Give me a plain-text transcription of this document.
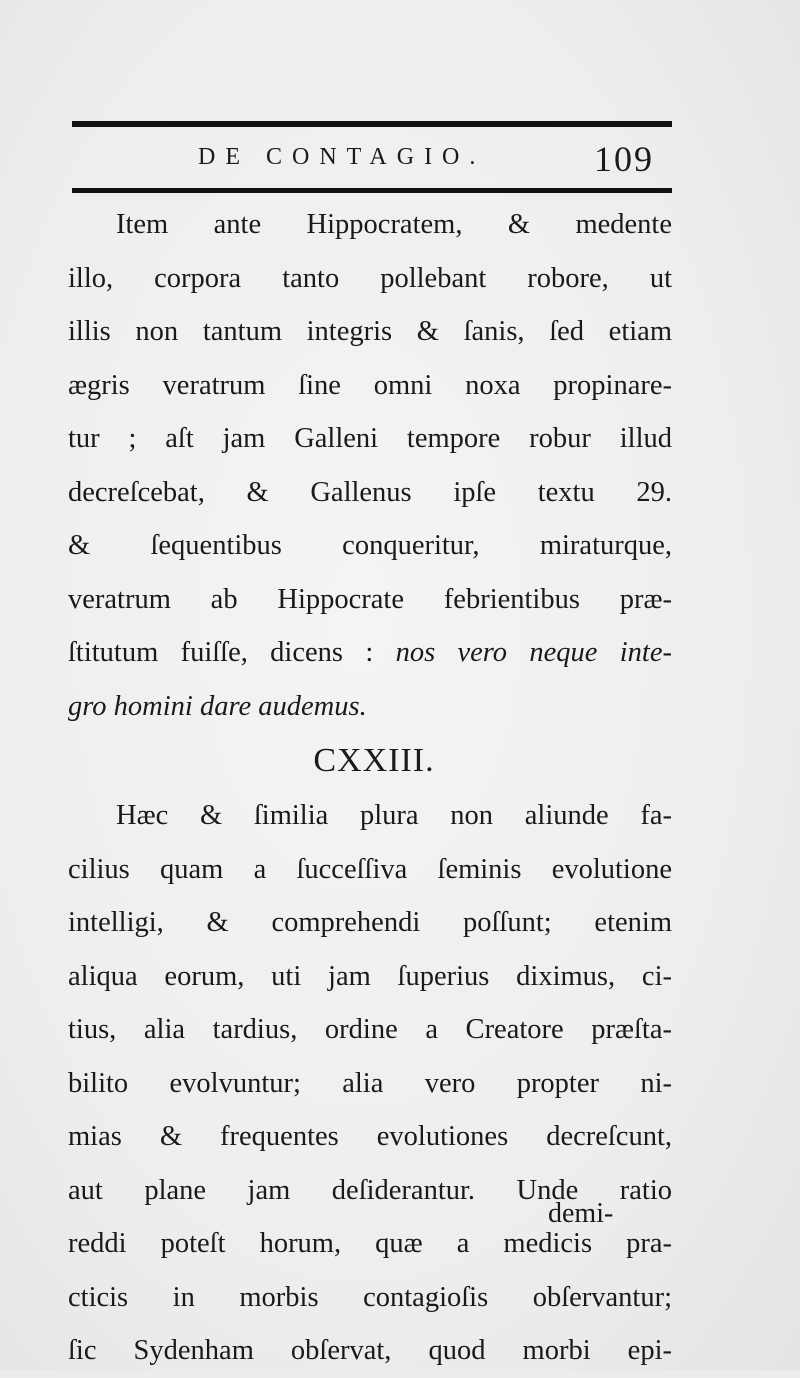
DE CONTAGIO.	109
Item ante Hippocratem, & medente
illo, corpora tanto pollebant robore, ut
illis non tantum integris & ſanis, ſed etiam
ægris veratrum ſine omni noxa propinare-
tur ; aſt jam Galleni tempore robur illud
decreſcebat, & Gallenus ipſe textu 29.
& ſequentibus conqueritur, miraturque,
veratrum ab Hippocrate febrientibus præ-
ſtitutum fuiſſe, dicens : nos vero neque inte-
gro homini dare audemus.
CXXIII.
Hæc & ſimilia plura non aliunde fa-
cilius quam a ſucceſſiva ſeminis evolutione
intelligi, & comprehendi poſſunt; etenim
aliqua eorum, uti jam ſuperius diximus, ci-
tius, alia tardius, ordine a Creatore præſta-
bilito evolvuntur; alia vero propter ni-
mias & frequentes evolutiones decreſcunt,
aut plane jam deſiderantur. Unde ratio
reddi poteſt horum, quæ a medicis pra-
cticis in morbis contagioſis obſervantur;
ſic Sydenham obſervat, quod morbi epi-
demi-
